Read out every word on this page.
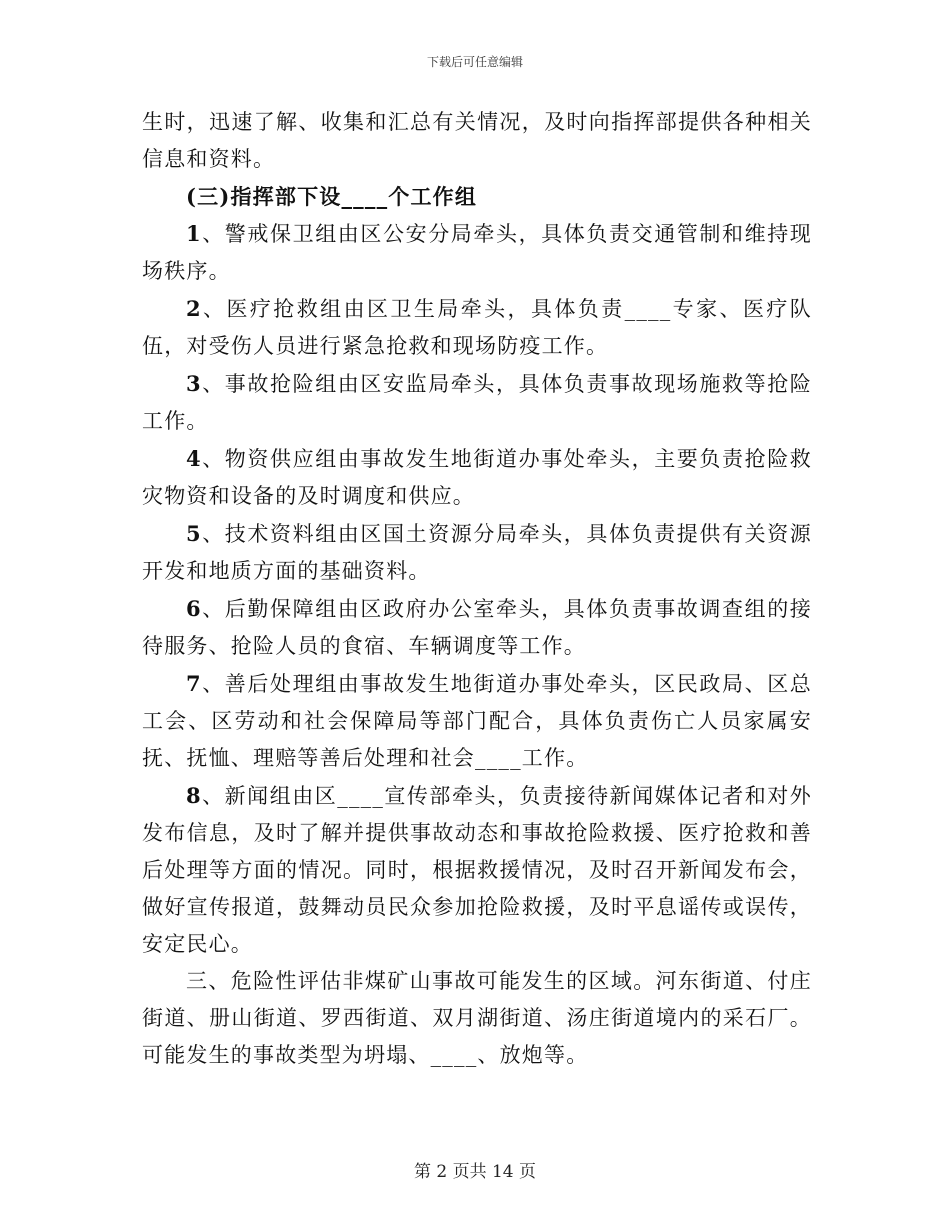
下载后可任意编辑

生时，迅速了解、收集和汇总有关情况，及时向指挥部提供各种相关信息和资料。

(三)指挥部下设____个工作组

1、警戒保卫组由区公安分局牵头，具体负责交通管制和维持现场秩序。

2、医疗抢救组由区卫生局牵头，具体负责____专家、医疗队伍，对受伤人员进行紧急抢救和现场防疫工作。

3、事故抢险组由区安监局牵头，具体负责事故现场施救等抢险工作。

4、物资供应组由事故发生地街道办事处牵头，主要负责抢险救灾物资和设备的及时调度和供应。

5、技术资料组由区国土资源分局牵头，具体负责提供有关资源开发和地质方面的基础资料。

6、后勤保障组由区政府办公室牵头，具体负责事故调查组的接待服务、抢险人员的食宿、车辆调度等工作。

7、善后处理组由事故发生地街道办事处牵头，区民政局、区总工会、区劳动和社会保障局等部门配合，具体负责伤亡人员家属安抚、抚恤、理赔等善后处理和社会____工作。

8、新闻组由区____宣传部牵头，负责接待新闻媒体记者和对外发布信息，及时了解并提供事故动态和事故抢险救援、医疗抢救和善后处理等方面的情况。同时，根据救援情况，及时召开新闻发布会，做好宣传报道，鼓舞动员民众参加抢险救援，及时平息谣传或误传，安定民心。

三、危险性评估非煤矿山事故可能发生的区域。河东街道、付庄街道、册山街道、罗西街道、双月湖街道、汤庄街道境内的采石厂。可能发生的事故类型为坍塌、____、放炮等。

第 2 页共 14 页
